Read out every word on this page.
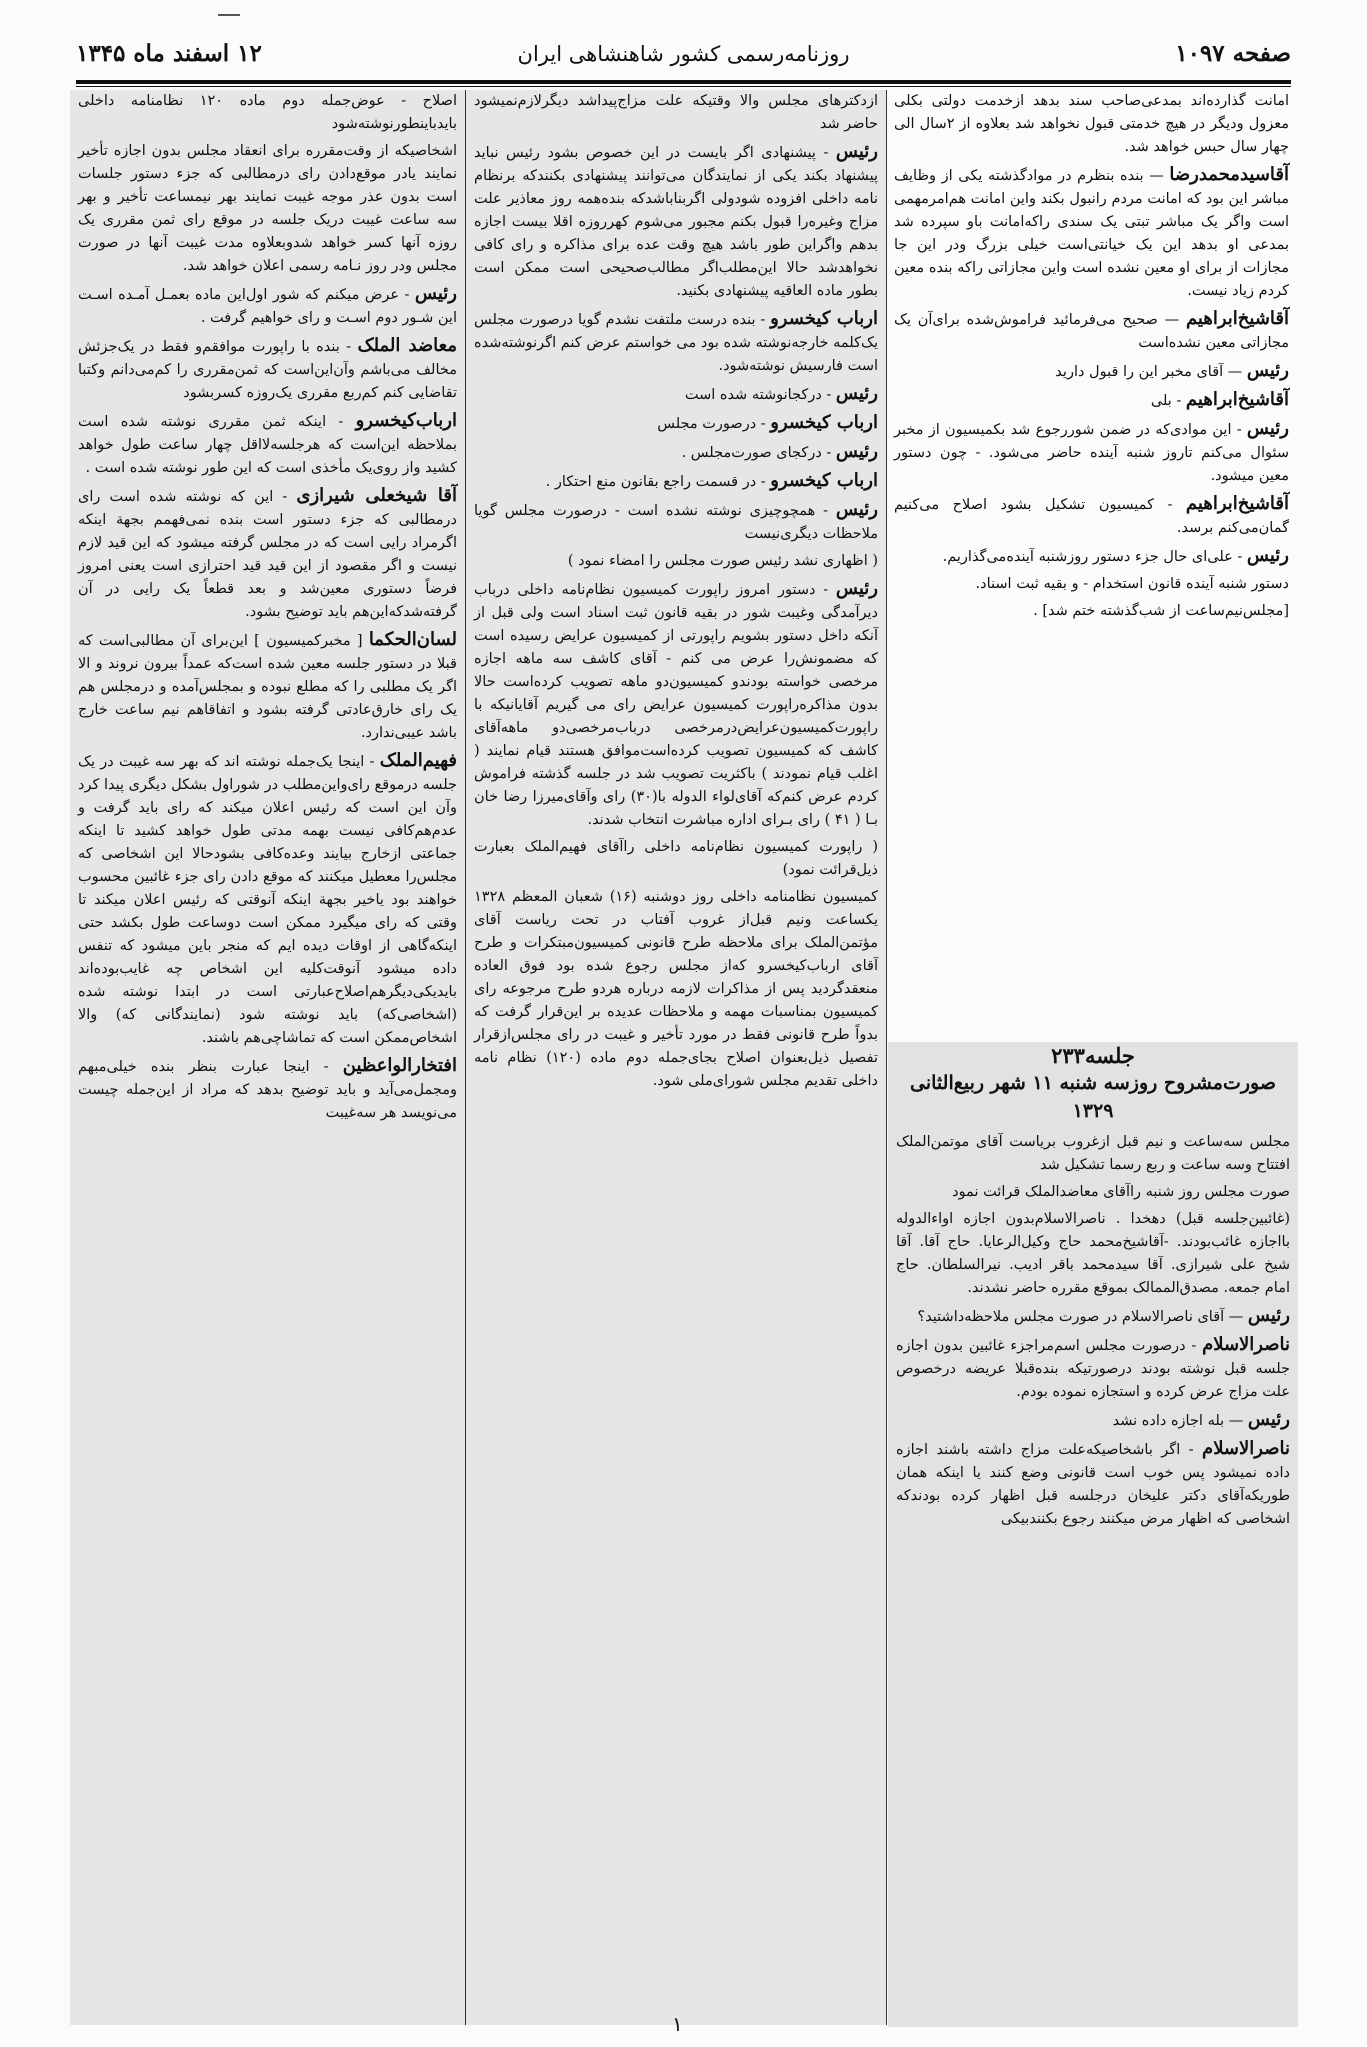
صفحه ۱۰۹۷
روزنامه‌رسمی کشور شاهنشاهی ایران
۱۲ اسفند ماه ۱۳۴۵
امانت گذارده‌اند بمدعی‌صاحب سند بدهد ازخدمت دولتی بکلی معزول ودیگر در هیچ خدمتی قبول نخواهد شد بعلاوه از ۲سال الی چهار سال حبس خواهد شد.
آقاسیدمحمدرضا — بنده بنظرم در موادگذشته یکی از وظایف مباشر این بود که امانت مردم رانبول بکند واین امانت هم‌امرمهمی است واگر یک مباشر تبتی یک سندی راکه‌امانت باو سپرده شد بمدعی او بدهد این یک خیانتی‌است خیلی بزرگ ودر این جا مجازات از برای او معین نشده است واین مجازاتی راکه بنده معین کردم زیاد نیست.
آقاشیخ‌ابراهیم — صحیح می‌فرمائید فراموش‌شده برای‌آن یک مجازاتی معین نشده‌است
رئیس — آقای مخبر این را قبول دارید
آقاشیخ‌ابراهیم - بلی
رئیس - این موادی‌که در ضمن شوررجوع شد بکمیسیون از مخبر سئوال می‌کنم تاروز شنبه آینده حاضر می‌شود. - چون دستور معین میشود.
آقاشیخ‌ابراهیم - کمیسیون تشکیل بشود اصلاح می‌کنیم گمان‌می‌کنم برسد.
رئیس - علی‌ای حال جزء دستور روزشنبه آینده‌می‌گذاریم.
دستور شنبه آینده قانون استخدام - و بقیه ثبت اسناد.
[مجلس‌نیم‌ساعت از شب‌گذشته ختم شد] .
جلسه۲۳۳
صورت‌مشروح روزسه شنبه ۱۱ شهر ربیع‌الثانی ۱۳۲۹
مجلس سه‌ساعت و نیم قبل ازغروب بریاست آقای موتمن‌الملک افتتاح وسه ساعت و ربع رسما تشکیل شد
صورت مجلس روز شنبه راآقای معاضدالملک قرائت نمود
(غائبین‌جلسه قبل) دهخدا . ناصرالاسلام‌بدون اجازه اواءالدوله بااجازه غائب‌بودند. -آقاشیخ‌محمد حاج وکیل‌الرعایا. حاج آقا. آقا شیخ علی شیرازی. آقا سیدمحمد باقر ادیب. نیرالسلطان. حاج امام جمعه. مصدق‌الممالک بموقع مقرره حاضر نشدند.
رئیس — آقای ناصرالاسلام در صورت مجلس ملاحظه‌داشتید؟
ناصرالاسلام - درصورت مجلس اسم‌مراجزء غائبین بدون اجازه جلسه قبل نوشته بودند درصورتیکه بنده‌قبلا عریضه درخصوص علت مزاج عرض کرده و استجازه نموده بودم.
رئیس — بله اجازه داده نشد
ناصرالاسلام - اگر باشخاصیکه‌علت مزاج داشته باشند اجازه داده نمیشود پس خوب است قانونی وضع کنند یا اینکه همان طوریکه‌آقای دکتر علیخان درجلسه قبل اظهار کرده بودند‌که اشخاصی که اظهار مرض میکنند رجوع بکنند‌بیکی
ازدکترهای مجلس والا وقتیکه علت مزاج‌پیداشد دیگرلازم‌نمیشود حاضر شد
رئیس - پیشنهادی اگر بایست در این خصوص بشود رئیس نباید پیشنهاد بکند یکی از نمایندگان می‌توانند پیشنهادی بکنندکه برنظام نامه داخلی افزوده شودولی اگربناباشدکه بنده‌همه روز معاذیر علت مزاج وغیره‌را قبول بکنم مجبور می‌شوم کهرروزه اقلا بیست اجازه بدهم واگراین طور باشد هیچ وقت عده برای مذاکره و رای کافی نخواهدشد حالا این‌مطلب‌اگر مطالب‌صحیحی است ممکن است بطور ماده العاقیه پیشنهادی بکنید.
ارباب کیخسرو - بنده درست ملتفت نشدم گویا درصورت مجلس یک‌کلمه خارجه‌نوشته شده بود می خواستم عرض کنم اگرنوشته‌شده است فارسیش نوشته‌شود.
رئیس - درکجانوشته شده است
ارباب کیخسرو - درصورت مجلس
رئیس - درکجای صورت‌مجلس .
ارباب کیخسرو - در قسمت راجع بقانون منع احتکار .
رئیس - همچوچیزی نوشته نشده است - درصورت مجلس گویا ملاحظات دیگری‌نیست
( اظهاری نشد رئیس صورت مجلس را امضاء نمود )
رئیس - دستور امروز راپورت کمیسیون نظام‌نامه داخلی درباب دیرآمدگی وغیبت شور در بقیه قانون ثبت اسناد است ولی قبل از آنکه داخل دستور بشویم راپورتی از کمیسیون عرایض رسیده است که مضمونش‌را عرض می کنم - آقای کاشف سه ماهه اجازه مرخصی خواسته بودندو کمیسیون‌دو ماهه تصویب کرده‌است حالا بدون مذاکره‌راپورت کمیسیون عرایض رای می گیریم آقایانیکه با راپورت‌کمیسیون‌عرایض‌درمرخصی درباب‌مرخصی‌دو ماهه‌آقای کاشف که کمیسیون تصویب کرده‌است‌موافق هستند قیام نمایند ( اغلب قیام نمودند ) باکثریت تصویب شد در جلسه گذشته فراموش کردم عرض کنم‌که آقای‌لواء الدوله با(۳۰) رای وآقای‌میرزا رضا خان بـا ( ۴۱ ) رای بـرای اداره مباشرت انتخاب شدند.
( راپورت کمیسیون نظام‌نامه داخلی راآقای فهیم‌الملک بعبارت ذیل‌قرائت نمود)
کمیسیون نظامنامه داخلی روز دوشنبه (۱۶) شعبان المعظم ۱۳۲۸ یکساعت ونیم قبل‌از غروب آفتاب در تحت ریاست آقای مؤتمن‌الملک برای ملاحظه طرح قانونی کمیسیون‌مبتکرات و طرح آقای ارباب‌کیخسرو که‌از مجلس رجوع شده بود فوق العاده منعقدگردید پس از مذاکرات لازمه درباره هردو طرح مرجوعه رای کمیسیون بمناسبات مهمه و ملاحظات عدیده بر این‌قرار گرفت که بدواً طرح قانونی فقط در مورد تأخیر و غیبت در رای مجلس‌ازقرار تفصیل ذیل‌بعنوان اصلاح بجای‌جمله دوم ماده (۱۲۰) نظام نامه داخلی تقدیم مجلس شورای‌ملی شود.
اصلاح - عوض‌جمله دوم ماده ۱۲۰ نظامنامه داخلی بایدباینطورنوشته‌شود
اشخاصیکه از وقت‌مقرره برای انعقاد مجلس بدون اجازه تأخیر نمایند یادر موقع‌دادن رای درمطالبی که جزء دستور جلسات است بدون عذر موجه غیبت نمایند بهر نیمساعت تأخیر و بهر سه ساعت غیبت دریک جلسه در موقع رای ثمن مقرری یک روزه آنها کسر خواهد شدوبعلاوه مدت غیبت آنها در صورت مجلس ودر روز نـامه رسمی اعلان خواهد شد.
رئیس - عرض میکنم که شور اول‌این ماده بعمـل آمـده اسـت این شـور دوم اسـت و رای خواهیم گرفت .
معاضد الملک - بنده با راپورت موافقم‌و فقط در یک‌جزئش مخالف می‌باشم وآن‌این‌است که ثمن‌مقرری را کم‌می‌دانم وکتبا تقاضایی کنم کم‌ربع مقرری یک‌روزه کسربشود
ارباب‌کیخسرو - اینکه ثمن مقرری نوشته شده است بملاحظه این‌است که هرجلسه‌لااقل چهار ساعت طول خواهد کشید واز روی‌یک مأخذی است که این طور نوشته شده است .
آقا شیخعلی شیرازی - این که نوشته شده است رای درمطالبی که جزء دستور است بنده نمی‌فهمم بجهة اینکه اگرمراد رایی است که در مجلس گرفته میشود که این قید لازم نیست و اگر مقصود از این قید قید احترازی است یعنی امروز فرضاً دستوری معین‌شد و بعد قطعاً یک رایی در آن گرفته‌شدکه‌این‌هم باید توضیح بشود.
لسان‌الحکما [ مخبرکمیسیون ] این‌برای آن مطالبی‌است که قبلا در دستور جلسه معین شده است‌که عمداً بیرون نروند و الا اگر یک مطلبی را که مطلع نبوده و بمجلس‌آمده و درمجلس هم یک رای خارق‌عادتی گرفته بشود و اتفاقاهم نیم ساعت خارج باشد عیبی‌ندارد.
فهیم‌الملک - اینجا یک‌جمله نوشته اند که بهر سه غیبت در یک جلسه درموقع رای‌واین‌مطلب در شورا‌ول بشکل دیگری پیدا کرد وآن این است که رئیس اعلان میکند که رای باید گرفت و عدم‌هم‌کافی نیست بهمه مدتی طول خواهد کشید تا اینکه جماعتی ازخارج بیایند وعده‌کافی بشودحالا این اشخاصی که مجلس‌را معطیل میکنند که موقع دادن رای جزء غائبین محسوب خواهند بود یاخیر بجهة اینکه آنوقتی که رئیس اعلان میکند تا وقتی که رای میگیرد ممکن است دوساعت طول بکشد حتی اینکه‌گاهی از اوقات دیده ایم که منجر باین میشود که تنفس داده میشود آنوقت‌کلیه این اشخاص چه غایب‌بوده‌اند باید‌یکی‌دیگرهم‌اصلاح‌عبارتی است در ابتدا نوشته شده (اشخاصی‌که) باید نوشته شود (نمایندگانی که) والا اشخاص‌ممکن است که تماشاچی‌هم باشند.
افتخارالواعظین - اینجا عبارت بنظر بنده خیلی‌مبهم ومجمل‌می‌آید و باید توضیح بدهد که مراد از این‌جمله چیست می‌نویسد هر سه‌غیبت
۱
